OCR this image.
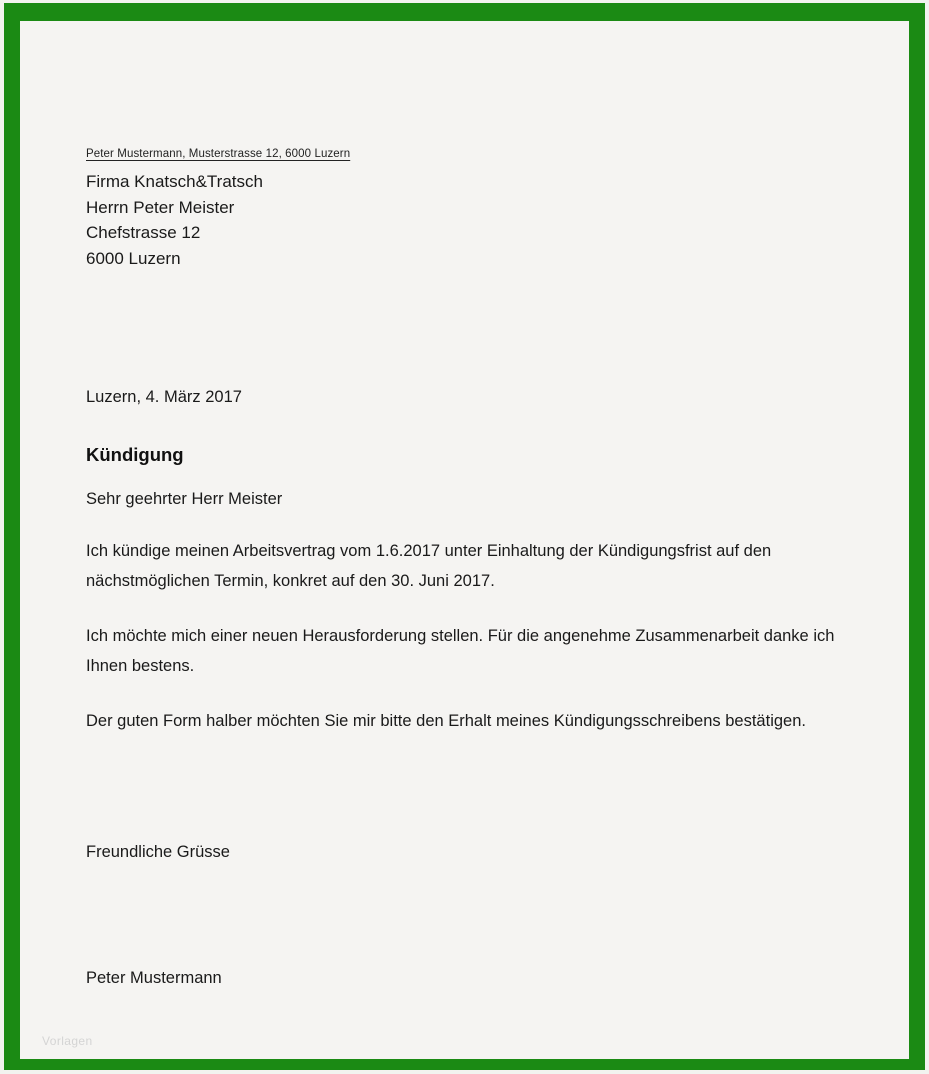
Peter Mustermann, Musterstrasse 12, 6000 Luzern
Firma Knatsch&Tratsch
Herrn Peter Meister
Chefstrasse 12
6000 Luzern
Luzern, 4. März 2017
Kündigung
Sehr geehrter Herr Meister

Ich kündige meinen Arbeitsvertrag vom 1.6.2017 unter Einhaltung der Kündigungsfrist auf den nächstmöglichen Termin, konkret auf den 30. Juni 2017.

Ich möchte mich einer neuen Herausforderung stellen. Für die angenehme Zusammenarbeit danke ich Ihnen bestens.

Der guten Form halber möchten Sie mir bitte den Erhalt meines Kündigungsschreibens bestätigen.

Freundliche Grüsse
Peter Mustermann
Vorlagen
